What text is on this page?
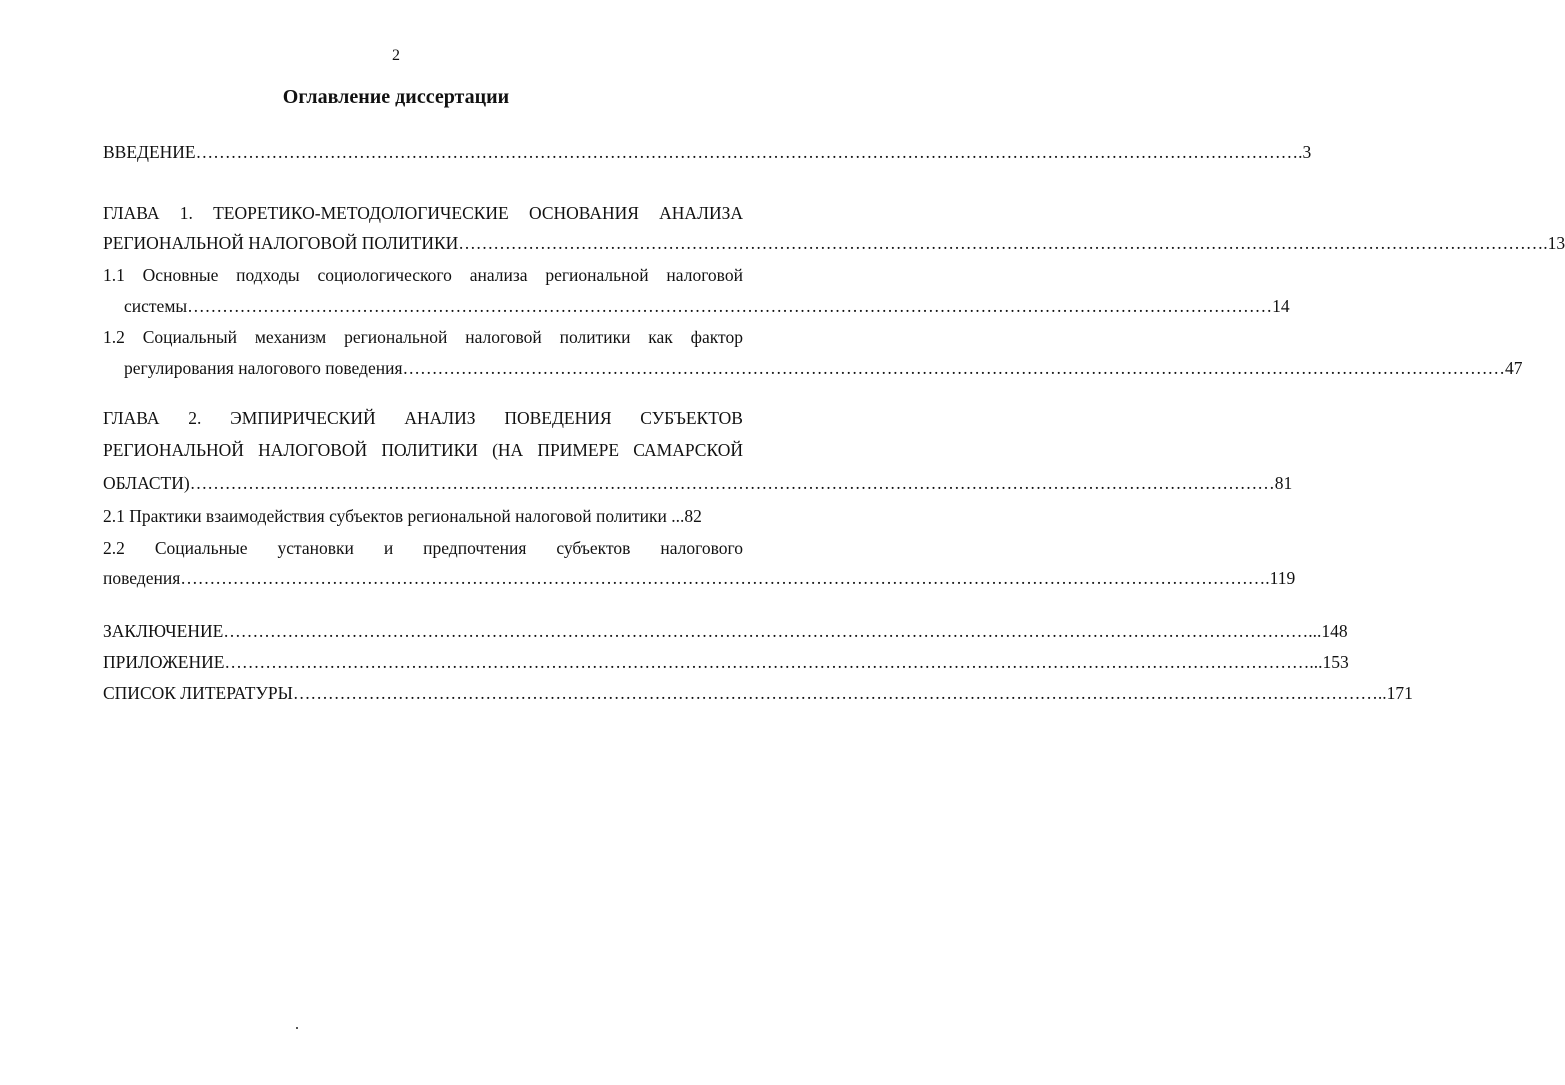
2
Оглавление диссертации
ВВЕДЕНИЕ …………………………………………………………………………………………………………………………………………………………………… ….3
ГЛАВА 1. ТЕОРЕТИКО-МЕТОДОЛОГИЧЕСКИЕ ОСНОВАНИЯ АНАЛИЗА
РЕГИОНАЛЬНОЙ НАЛОГОВОЙ ПОЛИТИКИ …………………………………………………………………………………………………………………………………………………………………… .13
1.1 Основные подходы социологического анализа региональной налоговой
системы …………………………………………………………………………………………………………………………………………………………………… 14
1.2 Социальный механизм региональной налоговой политики как фактор
регулирования налогового поведения …………………………………………………………………………………………………………………………………………………………………… …47
ГЛАВА 2. ЭМПИРИЧЕСКИЙ АНАЛИЗ ПОВЕДЕНИЯ СУБЪЕКТОВ
РЕГИОНАЛЬНОЙ НАЛОГОВОЙ ПОЛИТИКИ (НА ПРИМЕРЕ САМАРСКОЙ
ОБЛАСТИ) …………………………………………………………………………………………………………………………………………………………………… 81
2.1 Практики взаимодействия субъектов региональной налоговой политики ...82
2.2 Социальные установки и предпочтения субъектов налогового
поведения …………………………………………………………………………………………………………………………………………………………………… .119
ЗАКЛЮЧЕНИЕ …………………………………………………………………………………………………………………………………………………………………… ...148
ПРИЛОЖЕНИЕ …………………………………………………………………………………………………………………………………………………………………… ...153
СПИСОК ЛИТЕРАТУРЫ …………………………………………………………………………………………………………………………………………………………………… ..171
